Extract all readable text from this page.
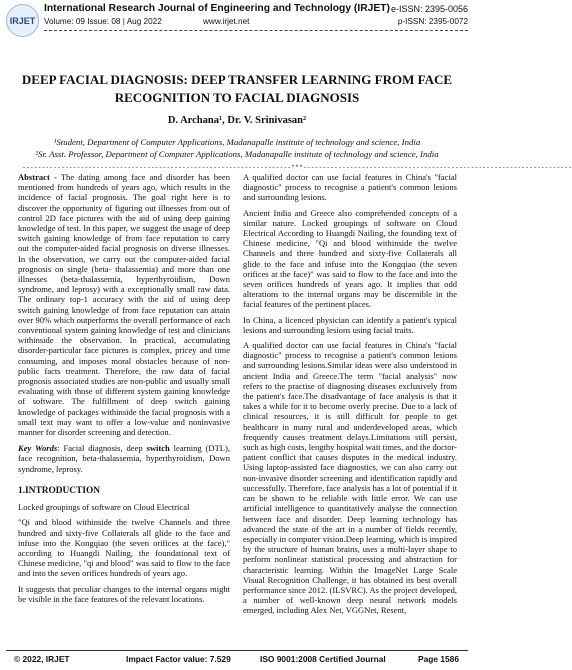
IRJET
International Research Journal of Engineering and Technology (IRJET) e-ISSN: 2395-0056
Volume: 09 Issue: 08 | Aug 2022	www.irjet.net	p-ISSN: 2395-0072
DEEP FACIAL DIAGNOSIS: DEEP TRANSFER LEARNING FROM FACE
RECOGNITION TO FACIAL DIAGNOSIS
D. Archana¹, Dr. V. Srinivasan²
¹Student, Department of Computer Applications, Madanapalle institute of technology and science, India
²Sr. Asst. Professor, Department of Computer Applications, Madanapalle institute of technology and science, India
---------------------------------------------------------------------***---------------------------------------------------------------------

Abstract - The dating among face and disorder has been mentioned from hundreds of years ago, which results in the incidence of facial prognosis. The goal right here is to discover the opportunity of figuring out illnesses from out of control 2D face pictures with the aid of using deep gaining knowledge of test. In this paper, we suggest the usage of deep switch gaining knowledge of from face reputation to carry out the computer-aided facial prognosis on diverse illnesses. In the observation, we carry out the computer-aided facial prognosis on single (beta- thalassemia) and more than one illnesses (beta-thalassemia, hyperthyroidism, Down syndrome, and leprosy) with a exceptionally small raw data. The ordinary top-1 accuracy with the aid of using deep switch gaining knowledge of from face reputation can attain over 90% which outperforms the overall performance of each conventional system gaining knowledge of test and clinicians withinside the observation. In practical, accumulating disorder-particular face pictures is complex, pricey and time consuming, and imposes moral obstacles because of non-public facts treatment. Therefore, the raw data of facial prognosis associated studies are non-public and usually small evaluating with those of different system gaining knowledge of software. The fulfillment of deep switch gaining knowledge of packages withinside the facial prognosis with a small text may want to offer a low-value and noninvasive manner for disorder screening and detection.

Key Words: Facial diagnosis, deep switch learning (DTL), face recognition, beta-thalassemia, hyperthyroidism, Down syndrome, leprosy.

1.INTRODUCTION

Locked groupings of software on Cloud Electrical

"Qi and blood withinside the twelve Channels and three hundred and sixty-five Collaterals all glide to the face and infuse into the Kongqiao (the seven orifices at the face)," according to Huangdi Nailing, the foundational text of Chinese medicine, "qi and blood" was said to flow to the face and into the seven orifices hundreds of years ago.

It suggests that peculiar changes to the internal organs might be visible in the face features of the relevant locations.

A qualified doctor can use facial features in China's "facial diagnostic" process to recognise a patient's common lesions and surrounding lesions.

Ancient India and Greece also comprehended concepts of a similar nature. Locked groupings of software on Cloud Electrical According to Huangdi Nailing, the founding text of Chinese medicine, "Qi and blood withinside the twelve Channels and three hundred and sixty-five Collaterals all glide to the face and infuse into the Kongqiao (the seven orifices at the face)" was said to flow to the face and into the seven orifices hundreds of years ago. It implies that odd alterations to the internal organs may be discernible in the facial features of the pertinent places.

In China, a licenced physician can identify a patient's typical lesions and surrounding lesions using facial traits.

A qualified doctor can use facial features in China's "facial diagnostic" process to recognise a patient's common lesions and surrounding lesions.Similar ideas were also understood in ancient India and Greece.The term "facial analysis" now refers to the practise of diagnosing diseases exclusively from the patient's face.The disadvantage of face analysis is that it takes a while for it to become overly precise. Due to a lack of clinical resources, it is still difficult for people to get healthcare in many rural and underdeveloped areas, which frequently causes treatment delays.Limitations still persist, such as high costs, lengthy hospital wait times, and the doctor-patient conflict that causes disputes in the medical industry. Using laptop-assisted face diagnostics, we can also carry out non-invasive disorder screening and identification rapidly and successfully. Therefore, face analysis has a lot of potential if it can be shown to be reliable with little error. We can use artificial intelligence to quantitatively analyse the connection between face and disorder. Deep learning technology has advanced the state of the art in a number of fields recently, especially in computer vision.Deep learning, which is inspired by the structure of human brains, uses a multi-layer shape to perform nonlinear statistical processing and abstraction for characteristic learning. Within the ImageNet Large Scale Visual Recognition Challenge, it has obtained its best overall performance since 2012. (ILSVRC). As the project developed, a number of well-known deep neural network models emerged, including Alex Net, VGGNet, Resent,

© 2022, IRJET	Impact Factor value: 7.529	ISO 9001:2008 Certified Journal	Page 1586
